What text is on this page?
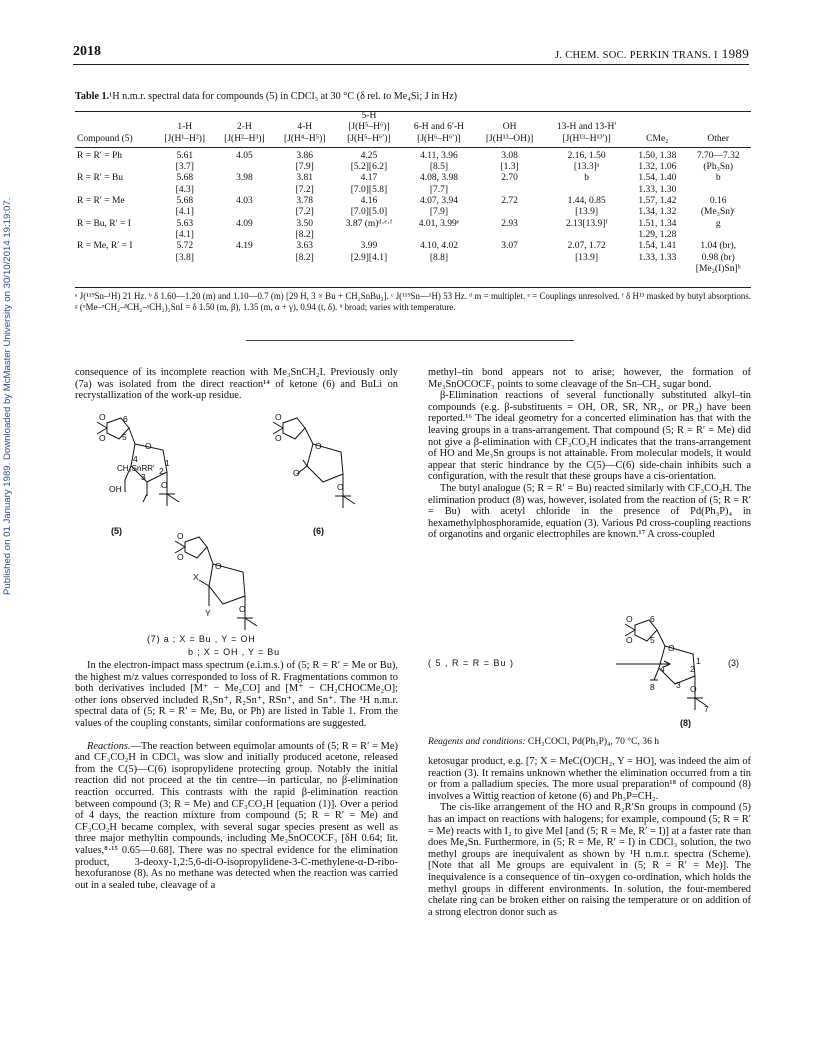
2018	J. CHEM. SOC. PERKIN TRANS. I 1989
Published on 01 January 1989. Downloaded by McMaster University on 30/10/2014 19:19:07.
Table 1.¹H n.m.r. spectral data for compounds (5) in CDCl₃ at 30 °C (δ rel. to Me₄Si; J in Hz)
				5-H					
	1-H	2-H	4-H	[J(H⁵–H⁶)]	6-H and 6′-H	OH	13-H and 13-H′		
Compound (5)	[J(H¹–H²)]	[J(H²–H³)]	[J(H⁴–H⁵)]	[J(H⁵–H⁶′)]	[J(H⁶–H⁶′)]	[J(H¹³–OH)]	[J(H¹³–H¹³′)]	CMe₂	Other
R = R′ = Ph	5.61	4.05	3.86	4.25	4.11, 3.96	3.08	2.16, 1.50	1.50, 1.38	7.70—7.32
	[3.7]		[7.9]	[5.2][6.2]	[8.5]	[1.3]	[13.3]ᵃ	1.32, 1.06	(Ph₃Sn)
R = R′ = Bu	5.68	3.98	3.81	4.17	4.08, 3.98	2.70	b	1.54, 1.40	b
	[4.3]		[7.2]	[7.0][5.8]	[7.7]			1.33, 1.30	
R = R′ = Me	5.68	4.03	3.78	4.16	4.07, 3.94	2.72	1.44, 0.85	1.57, 1.42	0.16
	[4.1]		[7.2]	[7.0][5.0]	[7.9]		[13.9]	1.34, 1.32	(Me₃Sn)ᶜ
R = Bu, R′ = I	5.63	4.09	3.50	3.87 (m)ᵈ·ᵉ·ᶠ	4.01, 3.99ᵉ	2.93	2.13[13.9]ᶠ	1.51, 1.34	g
	[4.1]		[8.2]					1.29, 1.28	
R = Me, R′ = I	5.72	4.19	3.63	3.99	4.10, 4.02	3.07	2.07, 1.72	1.54, 1.41	1.04 (br),
	[3.8]		[8.2]	[2.9][4.1]	[8.8]		[13.9]	1.33, 1.33	0.98 (br)
									[Me₂(I)Sn]ʰ
ᵃ J(¹¹⁹Sn–¹H) 21 Hz. ᵇ δ 1.60—1.20 (m) and 1.10—0.7 (m) [29 H, 3 × Bu + CH₂SnBu₃]. ᶜ J(¹¹⁹Sn—¹H) 53 Hz. ᵈ m = multiplet. ᵉ = Couplings unresolved. ᶠ δ H¹³ masked by butyl absorptions. ᵍ (ᵅMe–ᵅCH₂–ᵝCH₂–ᵞCH₂)₂SnI = δ 1.50 (m, β), 1.35 (m, α + γ), 0.94 (t, δ). ʰ broad; varies with temperature.

consequence of its incomplete reaction with Me₃SnCH₂I. Previously only (7a) was isolated from the direct reaction¹⁴ of ketone (6) and BuLi on recrystallization of the work-up residue.

6
5
O
4
CH₂SnRR′
3
2
1
OH	O
O
O
O
O
O
O
O
O
O
O
X
Y	O
(5)	(6)
(7) a ; X = Bu , Y = OH
b ; X = OH , Y = Bu

In the electron-impact mass spectrum (e.i.m.s.) of (5; R = R′ = Me or Bu), the highest m/z values corresponded to loss of R. Fragmentations common to both derivatives included [M⁺ − Me₂CO] and [M⁺ − CH₂CHOCMe₂O]; other ions observed included R₃Sn⁺, R₂Sn⁺, RSn⁺, and Sn⁺. The ¹H n.m.r. spectral data of (5; R = R′ = Me, Bu, or Ph) are listed in Table 1. From the values of the coupling constants, similar conformations are suggested.

Reactions.—The reaction between equimolar amounts of (5; R = R′ = Me) and CF₃CO₂H in CDCl₃ was slow and initially produced acetone, released from the C(5)—C(6) isopropylidene protecting group. Notably the initial reaction did not proceed at the tin centre—in particular, no β-elimination reaction occurred. This contrasts with the rapid β-elimination reaction between compound (3; R = Me) and CF₃CO₂H [equation (1)]. Over a period of 4 days, the reaction mixture from compound (5; R = R′ = Me) and CF₃CO₂H became complex, with several sugar species present as well as three major methyltin compounds, including Me₃SnOCOCF₃ [δH 0.64; lit. values,⁸·¹⁵ 0.65—0.68]. There was no spectral evidence for the elimination product, 3-deoxy-1,2:5,6-di-O-isopropylidene-3-C-methylene-α-D-ribo-hexofuranose (8). As no methane was detected when the reaction was carried out in a sealed tube, cleavage of a

methyl–tin bond appears not to arise; however, the formation of Me₃SnOCOCF₃ points to some cleavage of the Sn–CH₂ sugar bond.

β-Elimination reactions of several functionally substituted alkyl–tin compounds (e.g. β-substituents = OH, OR, SR, NR₂, or PR₂) have been reported.¹⁶ The ideal geometry for a concerted elimination has that with the leaving groups in a trans-arrangement. That compound (5; R = R′ = Me) did not give a β-elimination with CF₃CO₂H indicates that the trans-arrangement of HO and Me₃Sn groups is not attainable. From molecular models, it would appear that steric hindrance by the C(5)—C(6) side-chain inhibits such a configuration, with the result that these groups have a cis-orientation.

The butyl analogue (5; R = R′ = Bu) reacted similarly with CF₃CO₂H. The elimination product (8) was, however, isolated from the reaction of (5; R = R′ = Bu) with acetyl chloride in the presence of Pd(Ph₃P)₄ in hexamethylphosphoramide, equation (3). Various Pd cross-coupling reactions of organotins and organic electrophiles are known.¹⁷ A cross-coupled

O
O
6
5
O
4
3
2
1
8	O
7
( 5 , R = R = Bu )	(3)
(8)

Reagents and conditions: CH₃COCl, Pd(Ph₃P)₄, 70 °C, 36 h

ketosugar product, e.g. [7; X = MeC(O)CH₂, Y = HO], was indeed the aim of reaction (3). It remains unknown whether the elimination occurred from a tin or from a palladium species. The more usual preparation¹⁸ of compound (8) involves a Wittig reaction of ketone (6) and Ph₃P=CH₂.

The cis-like arrangement of the HO and R₂R′Sn groups in compound (5) has an impact on reactions with halogens; for example, compound (5; R = R′ = Me) reacts with I₂ to give MeI [and (5; R = Me, R′ = I)] at a faster rate than does Me₄Sn. Furthermore, in (5; R = Me, R′ = I) in CDCl₃ solution, the two methyl groups are inequivalent as shown by ¹H n.m.r. spectra (Scheme). [Note that all Me groups are equivalent in (5; R = R′ = Me)]. The inequivalence is a consequence of tin–oxygen co-ordination, which holds the methyl groups in different environments. In solution, the four-membered chelate ring can be broken either on raising the temperature or on addition of a strong electron donor such as
